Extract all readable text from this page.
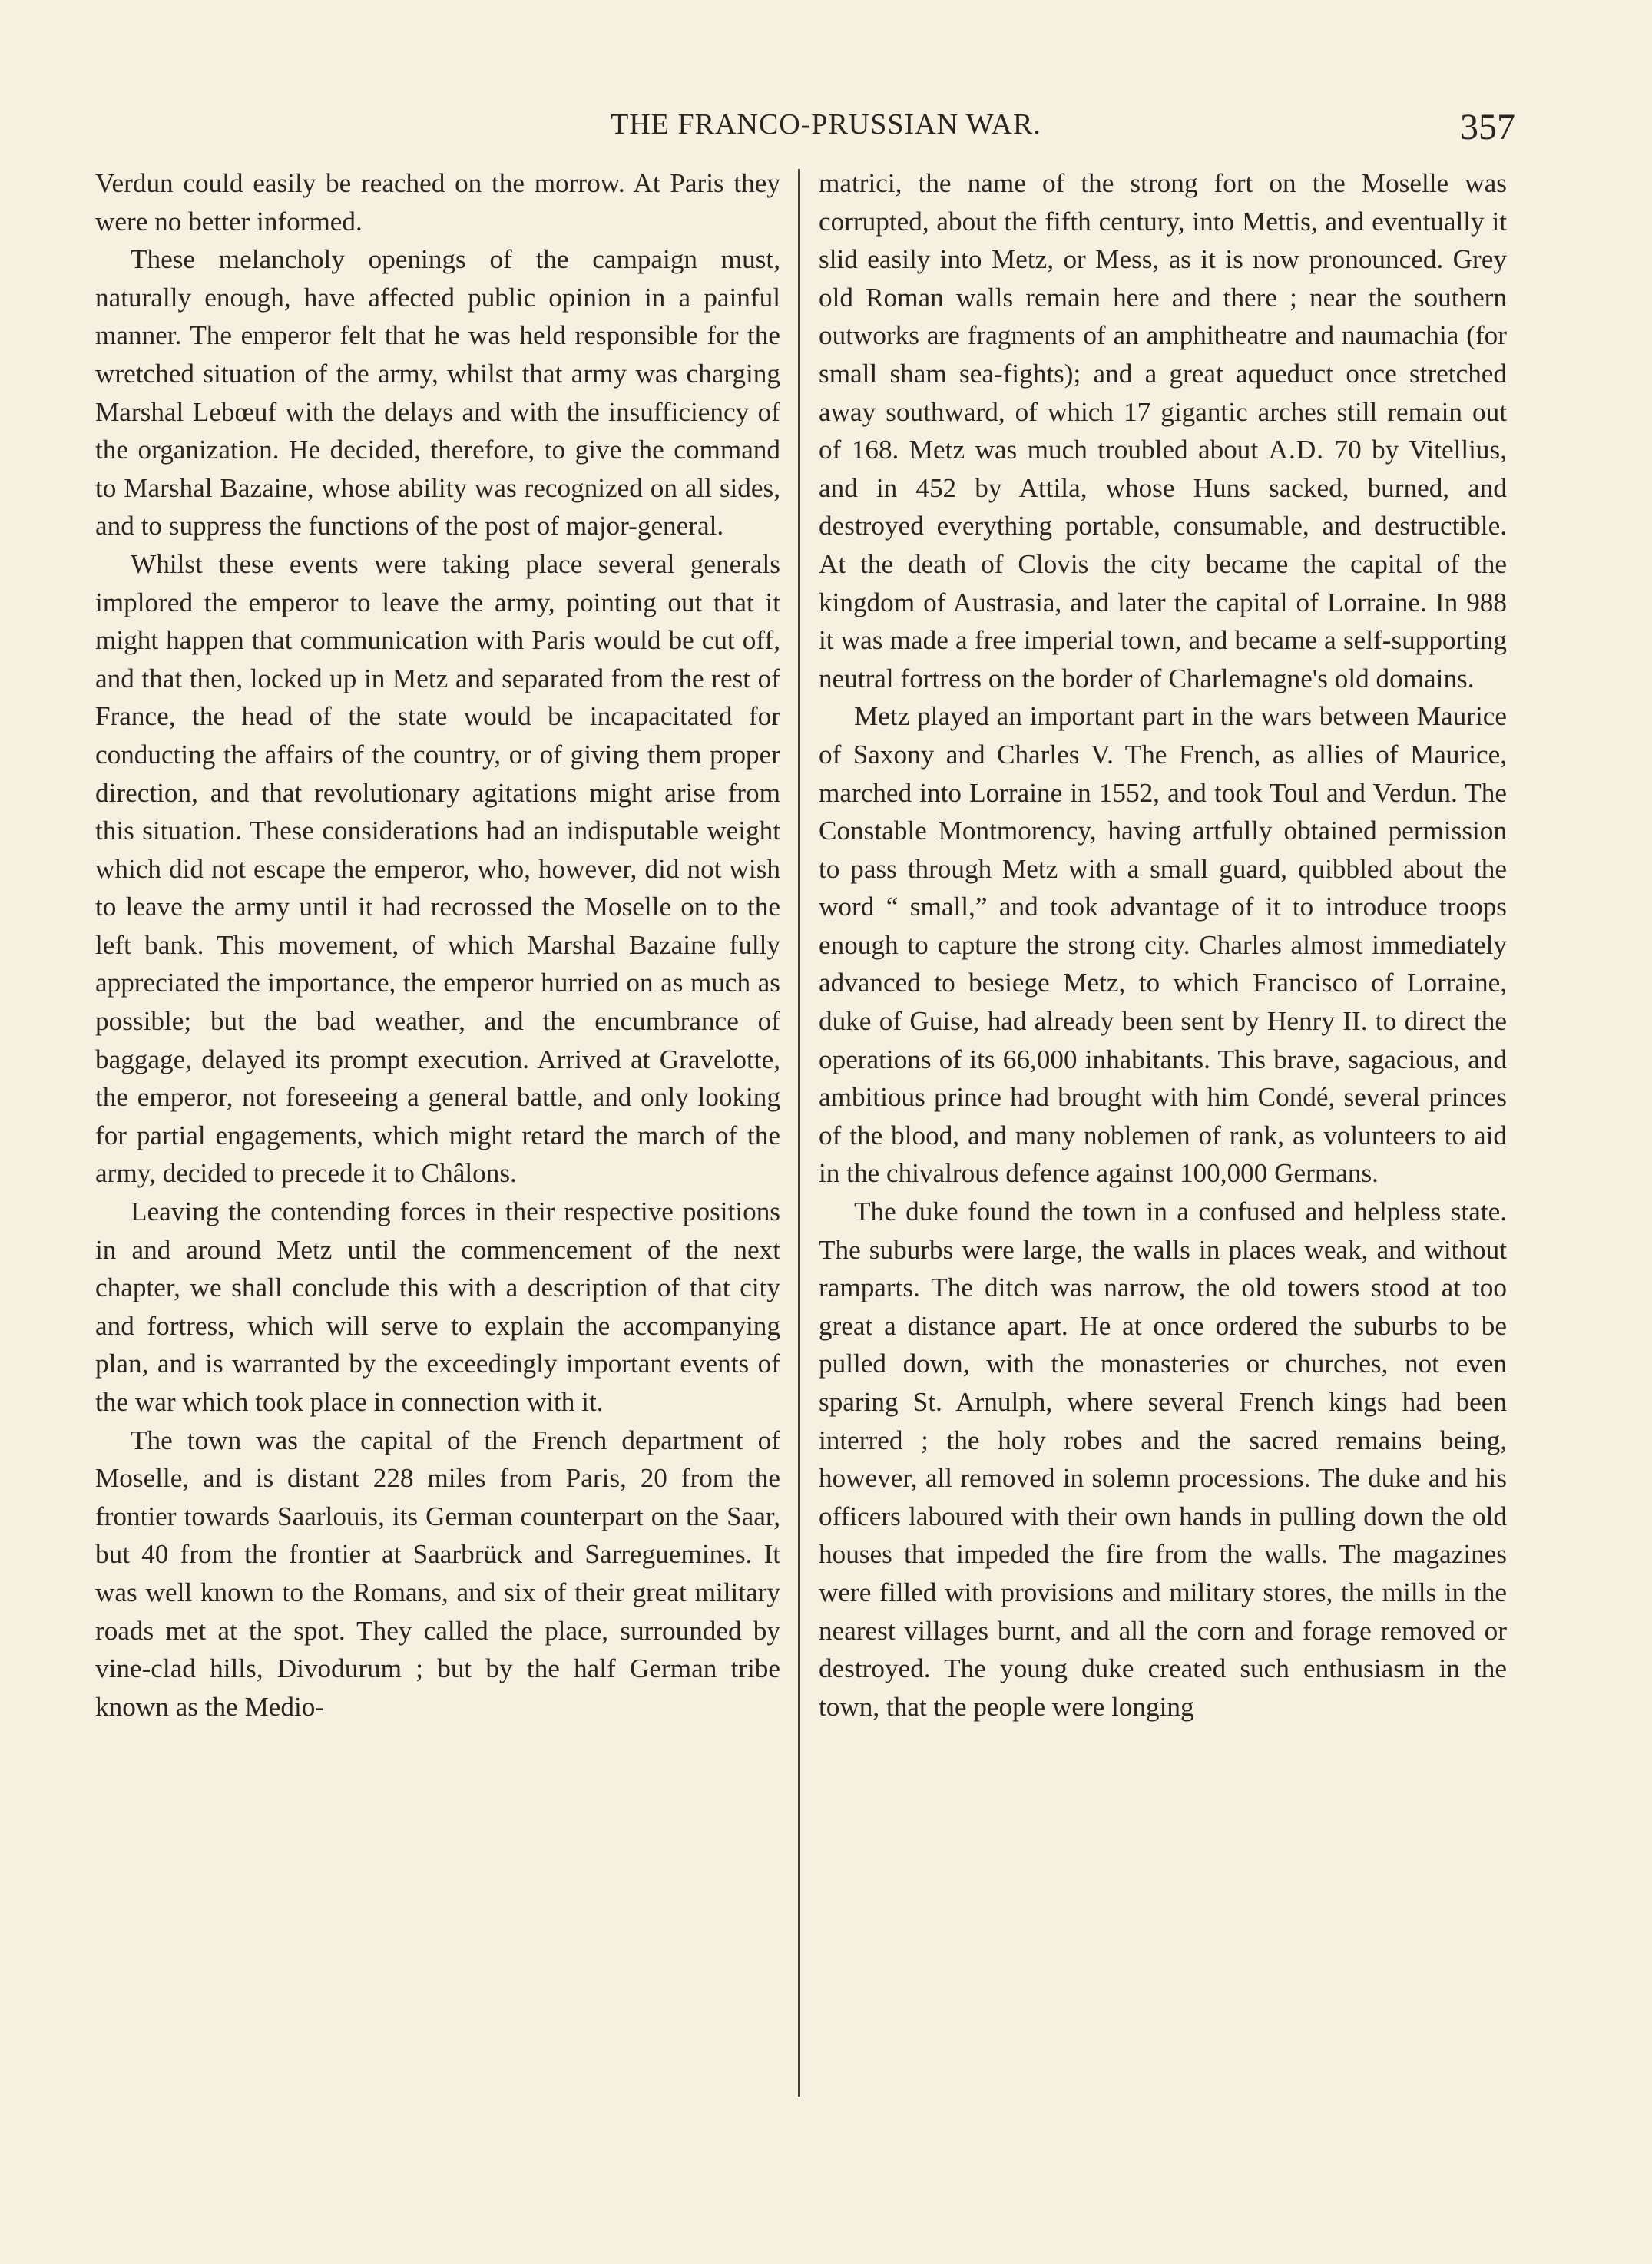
THE FRANCO-PRUSSIAN WAR.	357

Verdun could easily be reached on the morrow. At Paris they were no better informed.

These melancholy openings of the campaign must, naturally enough, have affected public opinion in a painful manner. The emperor felt that he was held responsible for the wretched situation of the army, whilst that army was charging Marshal Lebœuf with the delays and with the insufficiency of the organization. He decided, therefore, to give the command to Marshal Bazaine, whose ability was recognized on all sides, and to suppress the functions of the post of major-general.

Whilst these events were taking place several generals implored the emperor to leave the army, pointing out that it might happen that communication with Paris would be cut off, and that then, locked up in Metz and separated from the rest of France, the head of the state would be incapacitated for conducting the affairs of the country, or of giving them proper direction, and that revolutionary agitations might arise from this situation. These considerations had an indisputable weight which did not escape the emperor, who, however, did not wish to leave the army until it had recrossed the Moselle on to the left bank. This movement, of which Marshal Bazaine fully appreciated the importance, the emperor hurried on as much as possible; but the bad weather, and the encumbrance of baggage, delayed its prompt execution. Arrived at Gravelotte, the emperor, not foreseeing a general battle, and only looking for partial engagements, which might retard the march of the army, decided to precede it to Châlons.

Leaving the contending forces in their respective positions in and around Metz until the commencement of the next chapter, we shall conclude this with a description of that city and fortress, which will serve to explain the accompanying plan, and is warranted by the exceedingly important events of the war which took place in connection with it.

The town was the capital of the French department of Moselle, and is distant 228 miles from Paris, 20 from the frontier towards Saarlouis, its German counterpart on the Saar, but 40 from the frontier at Saarbrück and Sarreguemines. It was well known to the Romans, and six of their great military roads met at the spot. They called the place, surrounded by vine-clad hills, Divodurum ; but by the half German tribe known as the Medio-

matrici, the name of the strong fort on the Moselle was corrupted, about the fifth century, into Mettis, and eventually it slid easily into Metz, or Mess, as it is now pronounced. Grey old Roman walls remain here and there ; near the southern outworks are fragments of an amphitheatre and naumachia (for small sham sea-fights); and a great aqueduct once stretched away southward, of which 17 gigantic arches still remain out of 168. Metz was much troubled about A.D. 70 by Vitellius, and in 452 by Attila, whose Huns sacked, burned, and destroyed everything portable, consumable, and destructible. At the death of Clovis the city became the capital of the kingdom of Austrasia, and later the capital of Lorraine. In 988 it was made a free imperial town, and became a self-supporting neutral fortress on the border of Charlemagne's old domains.

Metz played an important part in the wars between Maurice of Saxony and Charles V. The French, as allies of Maurice, marched into Lorraine in 1552, and took Toul and Verdun. The Constable Montmorency, having artfully obtained permission to pass through Metz with a small guard, quibbled about the word “ small,” and took advantage of it to introduce troops enough to capture the strong city. Charles almost immediately advanced to besiege Metz, to which Francisco of Lorraine, duke of Guise, had already been sent by Henry II. to direct the operations of its 66,000 inhabitants. This brave, sagacious, and ambitious prince had brought with him Condé, several princes of the blood, and many noblemen of rank, as volunteers to aid in the chivalrous defence against 100,000 Germans.

The duke found the town in a confused and helpless state. The suburbs were large, the walls in places weak, and without ramparts. The ditch was narrow, the old towers stood at too great a distance apart. He at once ordered the suburbs to be pulled down, with the monasteries or churches, not even sparing St. Arnulph, where several French kings had been interred ; the holy robes and the sacred remains being, however, all removed in solemn processions. The duke and his officers laboured with their own hands in pulling down the old houses that impeded the fire from the walls. The magazines were filled with provisions and military stores, the mills in the nearest villages burnt, and all the corn and forage removed or destroyed. The young duke created such enthusiasm in the town, that the people were longing
